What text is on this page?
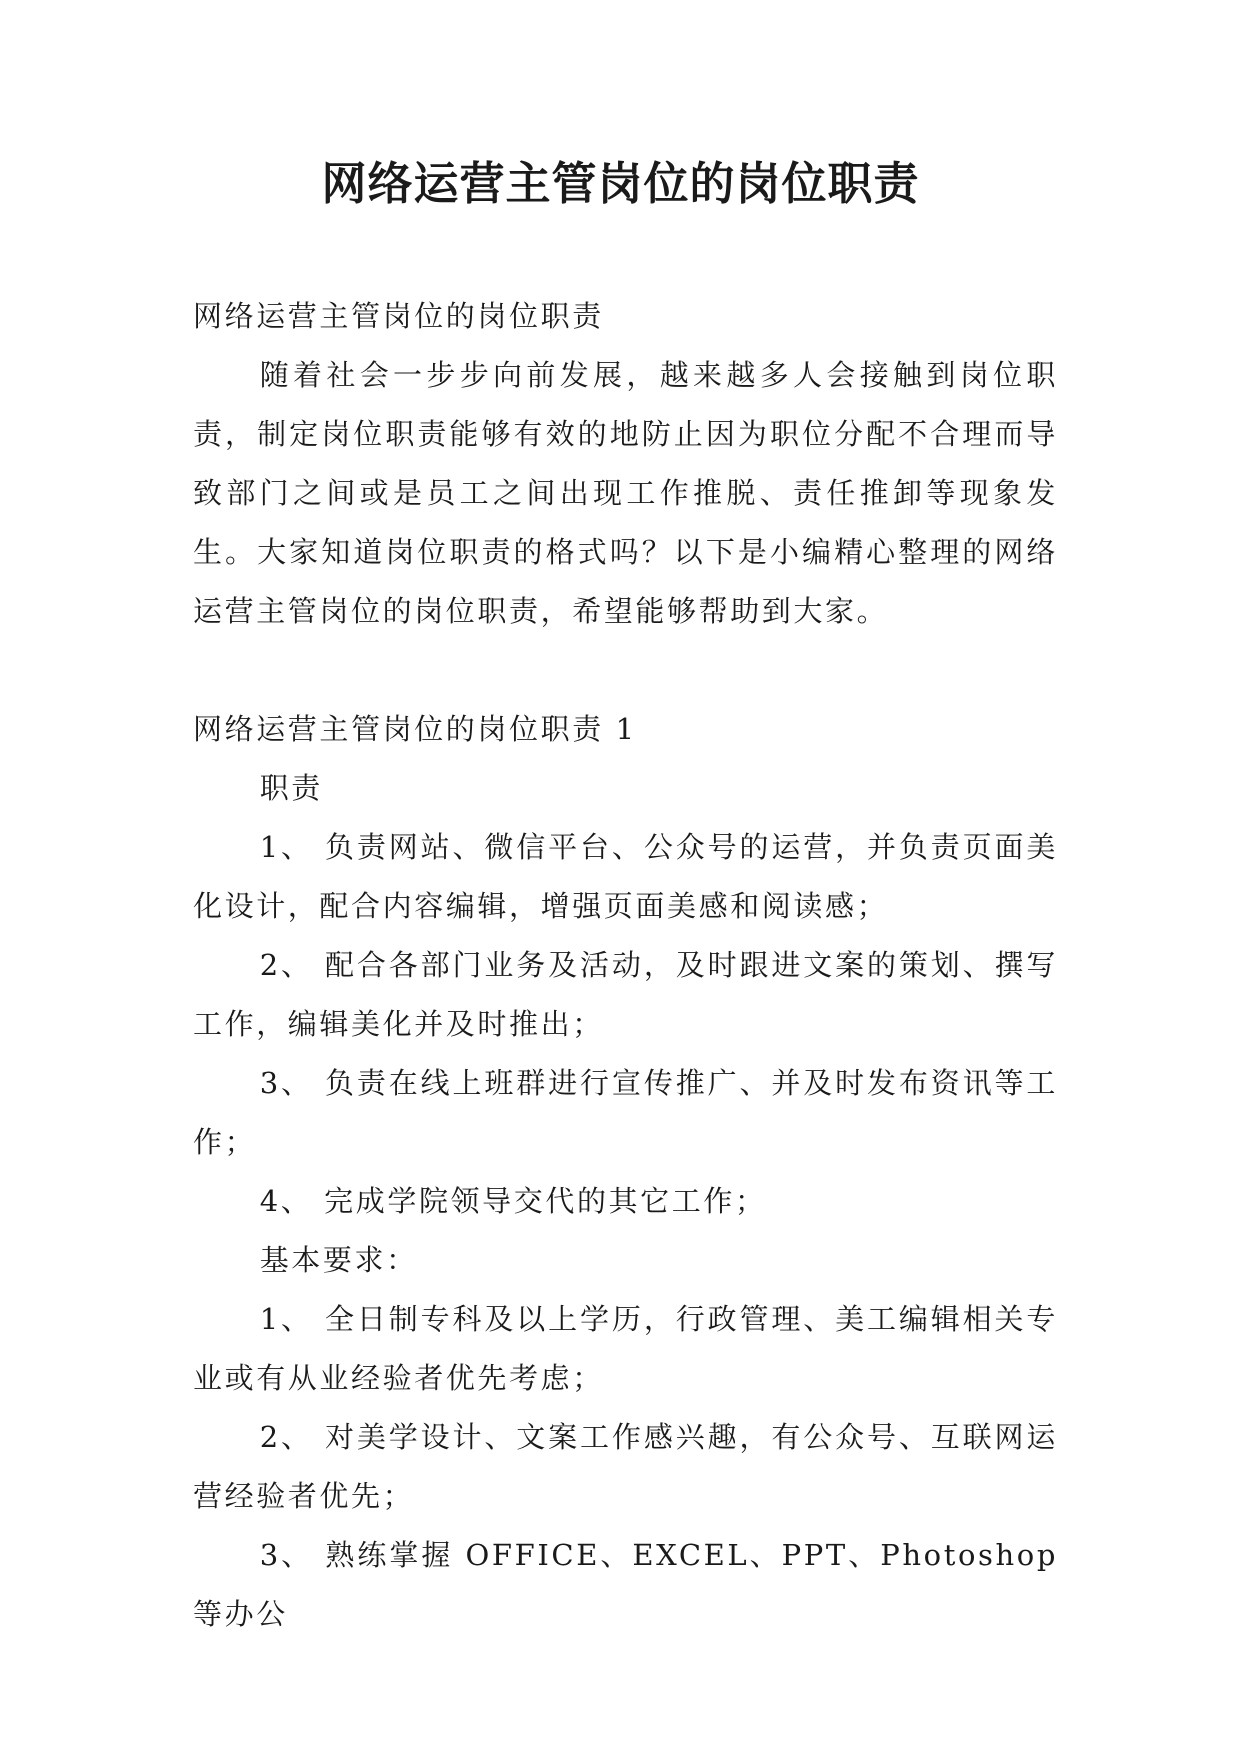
网络运营主管岗位的岗位职责

网络运营主管岗位的岗位职责

随着社会一步步向前发展，越来越多人会接触到岗位职责，制定岗位职责能够有效的地防止因为职位分配不合理而导致部门之间或是员工之间出现工作推脱、责任推卸等现象发生。大家知道岗位职责的格式吗？以下是小编精心整理的网络运营主管岗位的岗位职责，希望能够帮助到大家。

网络运营主管岗位的岗位职责 1

职责

1、 负责网站、微信平台、公众号的运营，并负责页面美化设计，配合内容编辑，增强页面美感和阅读感；

2、 配合各部门业务及活动，及时跟进文案的策划、撰写工作，编辑美化并及时推出；

3、 负责在线上班群进行宣传推广、并及时发布资讯等工作；

4、 完成学院领导交代的其它工作；

基本要求：

1、 全日制专科及以上学历，行政管理、美工编辑相关专业或有从业经验者优先考虑；

2、 对美学设计、文案工作感兴趣，有公众号、互联网运营经验者优先；

3、 熟练掌握 OFFICE、EXCEL、PPT、Photoshop 等办公
